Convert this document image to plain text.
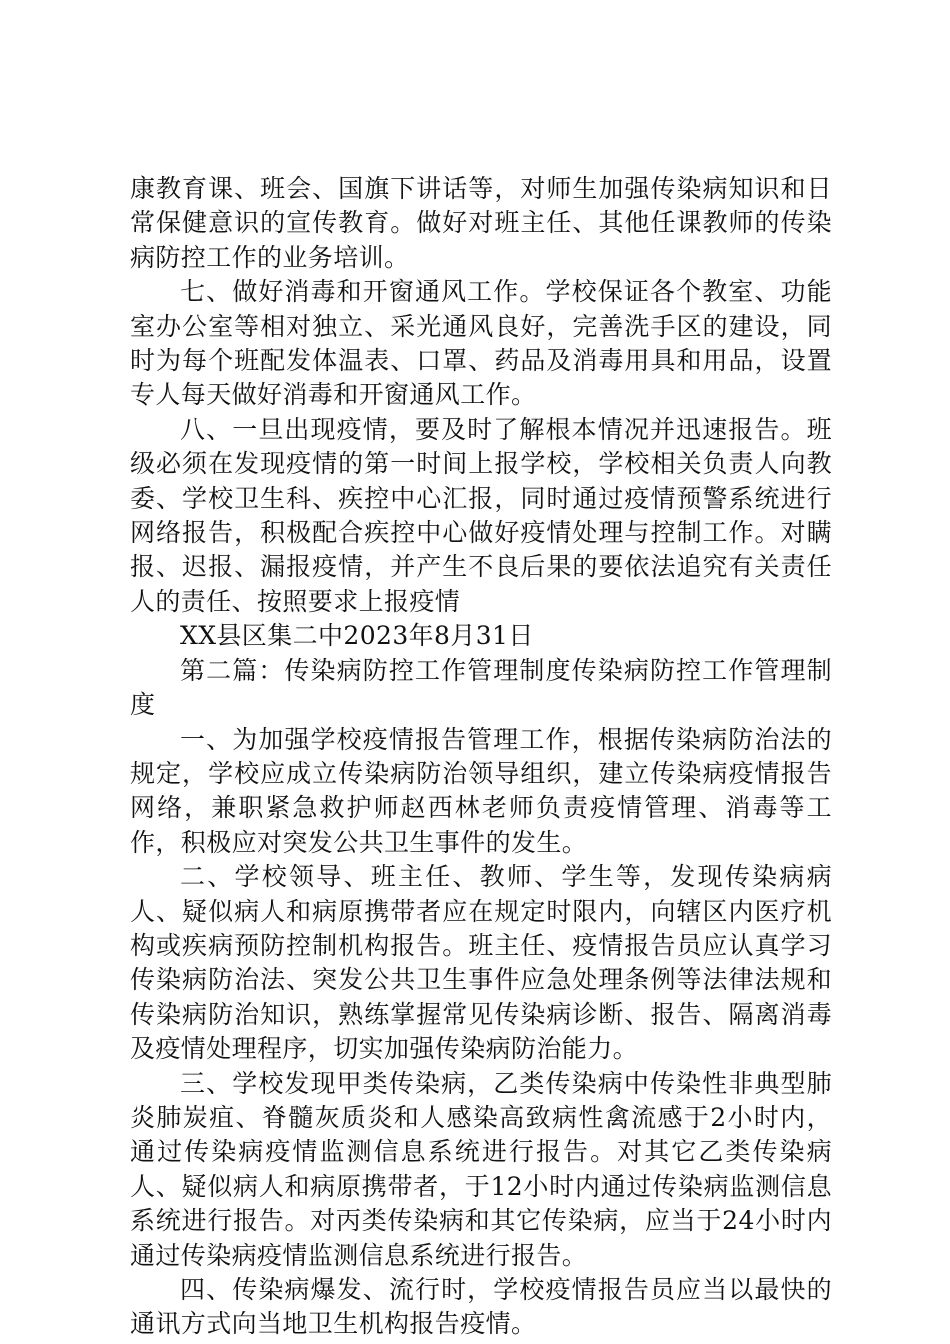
康教育课、班会、国旗下讲话等，对师生加强传染病知识和日常保健意识的宣传教育。做好对班主任、其他任课教师的传染病防控工作的业务培训。

七、做好消毒和开窗通风工作。学校保证各个教室、功能室办公室等相对独立、采光通风良好，完善洗手区的建设，同时为每个班配发体温表、口罩、药品及消毒用具和用品，设置专人每天做好消毒和开窗通风工作。

八、一旦出现疫情，要及时了解根本情况并迅速报告。班级必须在发现疫情的第一时间上报学校，学校相关负责人向教委、学校卫生科、疾控中心汇报，同时通过疫情预警系统进行网络报告，积极配合疾控中心做好疫情处理与控制工作。对瞒报、迟报、漏报疫情，并产生不良后果的要依法追究有关责任人的责任、按照要求上报疫情

XX县区集二中2023年8月31日

第二篇：传染病防控工作管理制度传染病防控工作管理制度

一、为加强学校疫情报告管理工作，根据传染病防治法的规定，学校应成立传染病防治领导组织，建立传染病疫情报告网络，兼职紧急救护师赵西林老师负责疫情管理、消毒等工作，积极应对突发公共卫生事件的发生。

二、学校领导、班主任、教师、学生等，发现传染病病人、疑似病人和病原携带者应在规定时限内，向辖区内医疗机构或疾病预防控制机构报告。班主任、疫情报告员应认真学习传染病防治法、突发公共卫生事件应急处理条例等法律法规和传染病防治知识，熟练掌握常见传染病诊断、报告、隔离消毒及疫情处理程序，切实加强传染病防治能力。

三、学校发现甲类传染病，乙类传染病中传染性非典型肺炎肺炭疽、脊髓灰质炎和人感染高致病性禽流感于2小时内，通过传染病疫情监测信息系统进行报告。对其它乙类传染病人、疑似病人和病原携带者，于12小时内通过传染病监测信息系统进行报告。对丙类传染病和其它传染病，应当于24小时内通过传染病疫情监测信息系统进行报告。

四、传染病爆发、流行时，学校疫情报告员应当以最快的通讯方式向当地卫生机构报告疫情。
